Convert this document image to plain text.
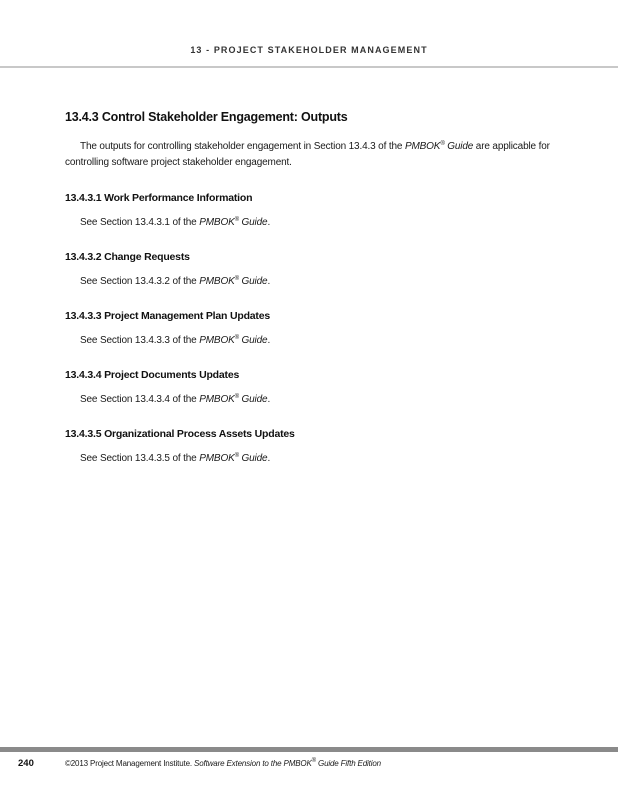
13 - PROJECT STAKEHOLDER MANAGEMENT
13.4.3 Control Stakeholder Engagement: Outputs

The outputs for controlling stakeholder engagement in Section 13.4.3 of the PMBOK® Guide are applicable for controlling software project stakeholder engagement.

13.4.3.1 Work Performance Information

See Section 13.4.3.1 of the PMBOK® Guide.

13.4.3.2 Change Requests

See Section 13.4.3.2 of the PMBOK® Guide.

13.4.3.3 Project Management Plan Updates

See Section 13.4.3.3 of the PMBOK® Guide.

13.4.3.4 Project Documents Updates

See Section 13.4.3.4 of the PMBOK® Guide.

13.4.3.5 Organizational Process Assets Updates

See Section 13.4.3.5 of the PMBOK® Guide.

240	©2013 Project Management Institute. Software Extension to the PMBOK® Guide Fifth Edition
